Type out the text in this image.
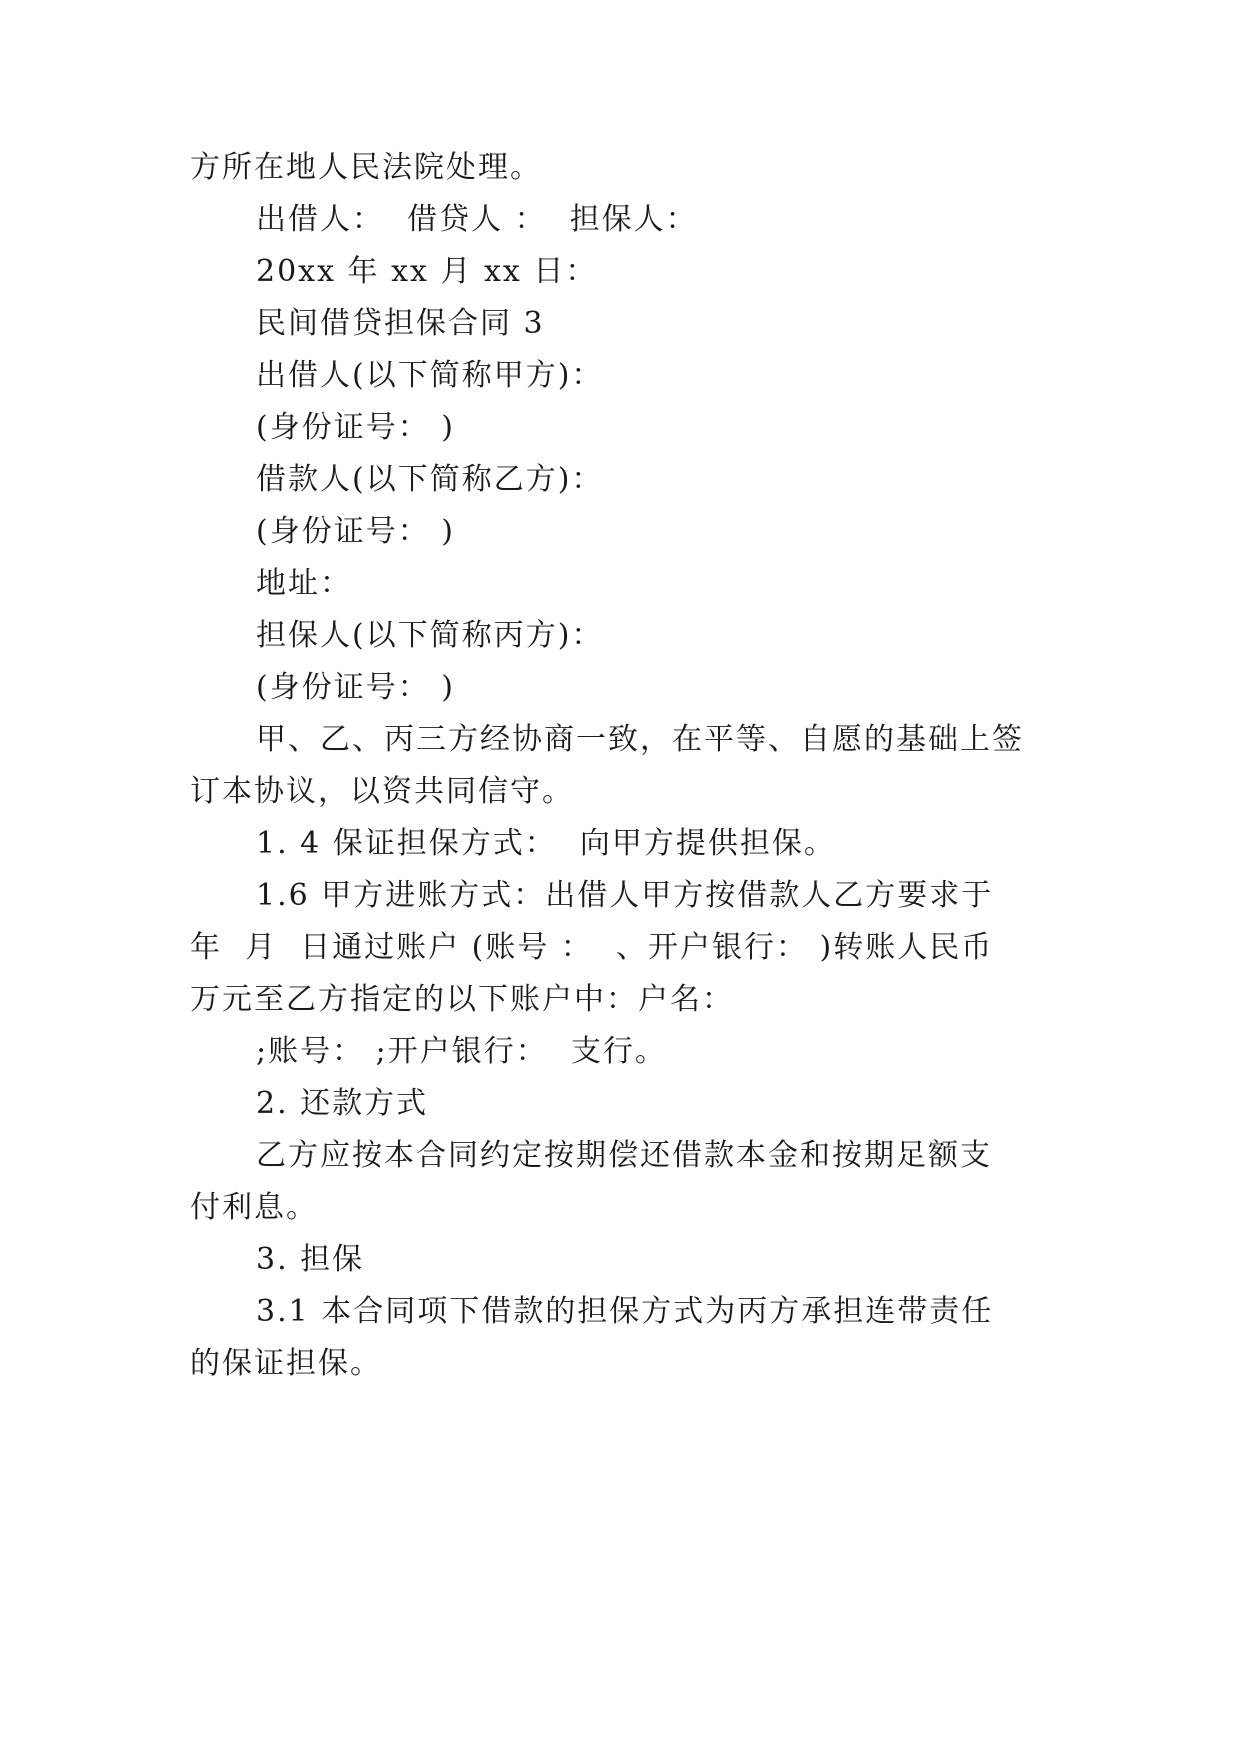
方所在地人民法院处理。
出借人：  借贷人 ：  担保人：
20xx 年 xx 月 xx 日：
民间借贷担保合同 3
出借人(以下简称甲方)：
(身份证号： )
借款人(以下简称乙方)：
(身份证号： )
地址：
担保人(以下简称丙方)：
(身份证号： )
甲、乙、丙三方经协商一致，在平等、自愿的基础上签
订本协议，以资共同信守。
1. 4 保证担保方式：  向甲方提供担保。
1.6 甲方进账方式：出借人甲方按借款人乙方要求于
年  月  日通过账户 (账号 ：  、开户银行： )转账人民币
万元至乙方指定的以下账户中：户名：
;账号： ;开户银行：  支行。
2. 还款方式
乙方应按本合同约定按期偿还借款本金和按期足额支
付利息。
3. 担保
3.1 本合同项下借款的担保方式为丙方承担连带责任
的保证担保。
